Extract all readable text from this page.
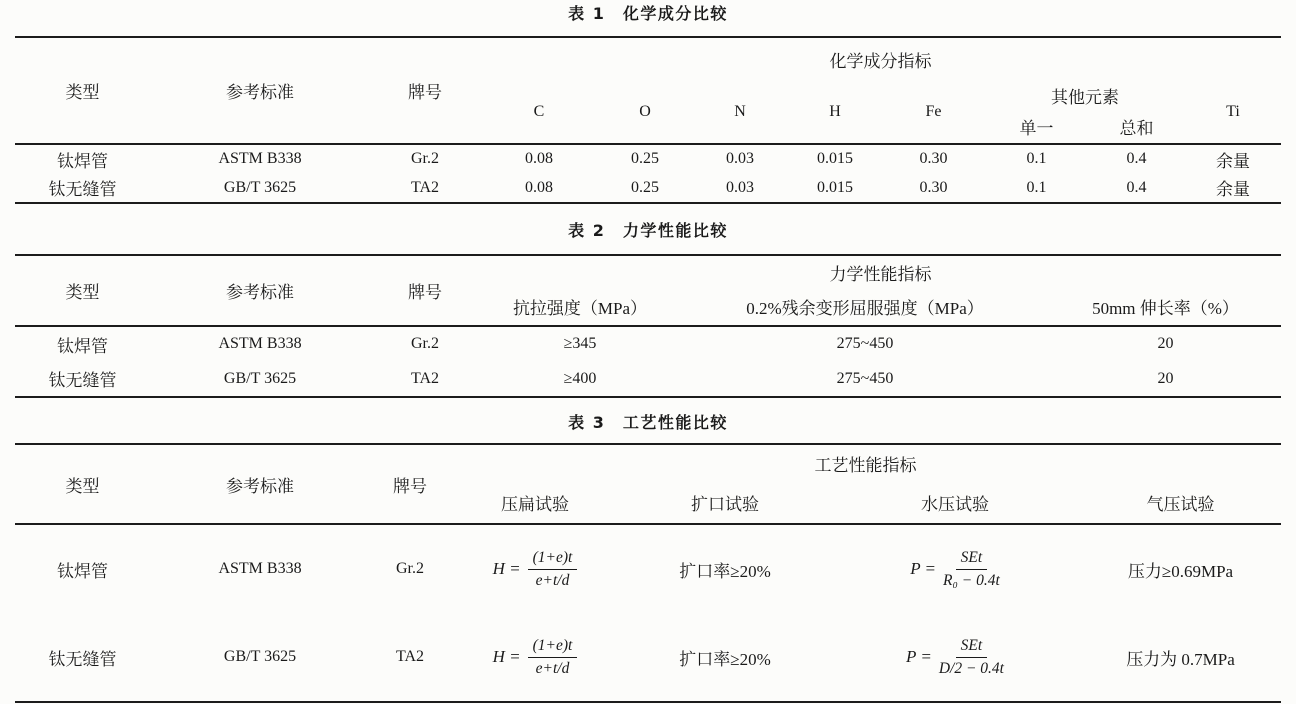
表 1　化学成分比较
类型	参考标准	牌号
化学成分指标
C	O	N	H	Fe
其他元素
单一	总和
Ti
钛焊管	ASTM B338	Gr.2	0.08	0.25	0.03	0.015	0.30	0.1	0.4	余量
钛无缝管	GB/T 3625	TA2	0.08	0.25	0.03	0.015	0.30	0.1	0.4	余量
表 2　力学性能比较
类型	参考标准	牌号
力学性能指标
抗拉强度（MPa）	0.2%残余变形屈服强度（MPa）	50mm 伸长率（%）
钛焊管	ASTM B338	Gr.2	≥345	275~450	20
钛无缝管	GB/T 3625	TA2	≥400	275~450	20
表 3　工艺性能比较
类型	参考标准	牌号
工艺性能指标
压扁试验	扩口试验	水压试验	气压试验
钛焊管	ASTM B338	Gr.2	$H = \frac{(1+e)t}{e+t/d}$	扩口率≥20%	$P = \frac{\text{SEt}}{\text{R₀ − 0.4t}}$	压力≥0.69MPa
钛无缝管	GB/T 3625	TA2	$H = \frac{(1+e)t}{e+t/d}$	扩口率≥20%	$P = \frac{\text{SEt}}{D/2 - 0.4t}$	压力为 0.7MPa
